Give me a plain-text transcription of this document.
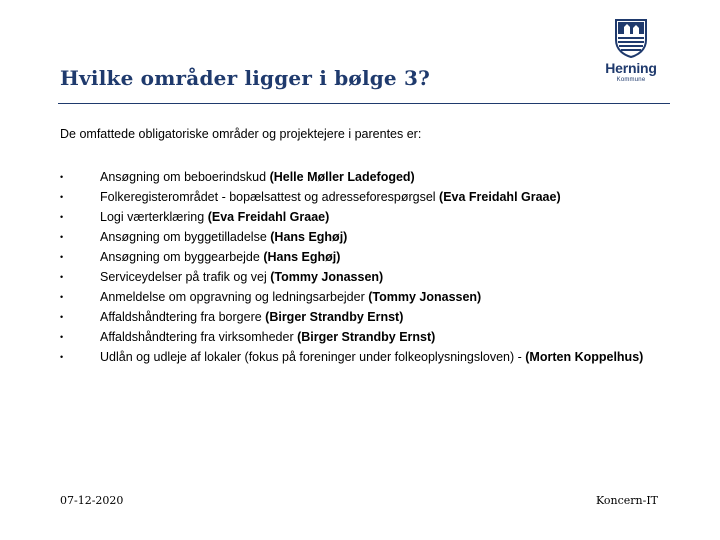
Herning
Kommune
Hvilke områder ligger i bølge 3?

De omfattede obligatoriske områder og projektejere i parentes er:

•	Ansøgning om beboerindskud (Helle Møller Ladefoged)
•	Folkeregisterområdet - bopælsattest og adresseforespørgsel (Eva Freidahl Graae)
•	Logi værterklæring (Eva Freidahl Graae)
•	Ansøgning om byggetilladelse (Hans Eghøj)
•	Ansøgning om byggearbejde (Hans Eghøj)
•	Serviceydelser på trafik og vej (Tommy Jonassen)
•	Anmeldelse om opgravning og ledningsarbejder (Tommy Jonassen)
•	Affaldshåndtering fra borgere (Birger Strandby Ernst)
•	Affaldshåndtering fra virksomheder (Birger Strandby Ernst)
•	Udlån og udleje af lokaler (fokus på foreninger under folkeoplysningsloven) - (Morten Koppelhus)
07-12-2020	Koncern-IT
